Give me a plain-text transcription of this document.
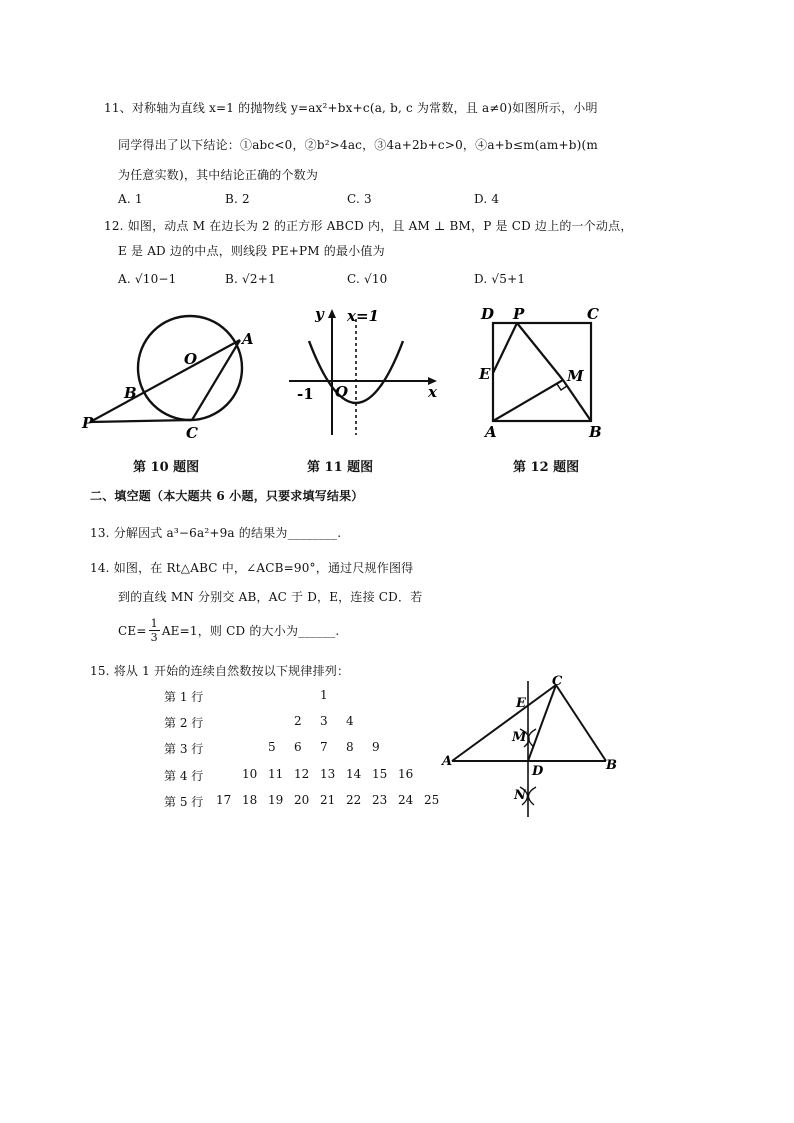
11、对称轴为直线 x=1 的抛物线 y=ax²+bx+c(a, b, c 为常数，且 a≠0)如图所示，小明
同学得出了以下结论：①abc<0，②b²>4ac，③4a+2b+c>0，④a+b≤m(am+b)(m
为任意实数)，其中结论正确的个数为
A. 1	B. 2	C. 3	D. 4
12. 如图，动点 M 在边长为 2 的正方形 ABCD 内，且 AM ⊥ BM，P 是 CD 边上的一个动点，
E 是 AD 边的中点，则线段 PE+PM 的最小值为
A. √10−1	B. √2+1	C. √10	D. √5+1
P
B
O
A
C
第 10 题图
y x=1
x
-1 O
第 11 题图
D P	C
E	M
A	B
第 12 题图
二、填空题（本大题共 6 小题，只要求填写结果）
13. 分解因式 a³−6a²+9a 的结果为________.
14. 如图，在 Rt△ABC 中，∠ACB=90°，通过尺规作图得
到的直线 MN 分别交 AB，AC 于 D，E，连接 CD．若
$CE= \frac{1}{3} AE=1$，则 CD 的大小为______.
15. 将从 1 开始的连续自然数按以下规律排列：
第 1 行	1
第 2 行	2 3 4
第 3 行	5 6 7 8 9
第 4 行	10 11 12 13 14 15 16
第 5 行 17 18 19 20 21 22 23 24 25
C
E
M
A
D	B
N
